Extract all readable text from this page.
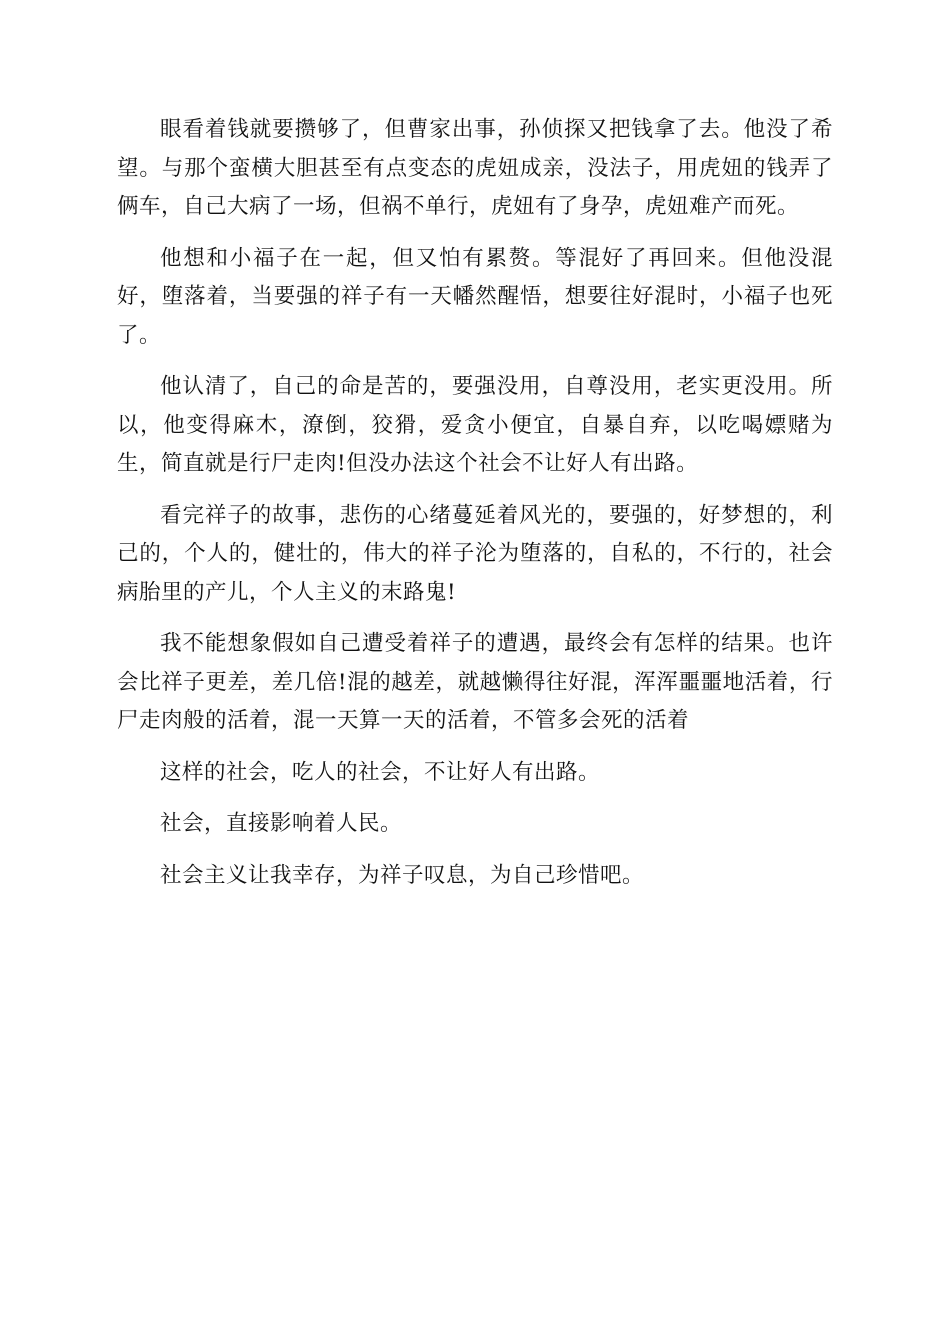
眼看着钱就要攒够了，但曹家出事，孙侦探又把钱拿了去。他没了希望。与那个蛮横大胆甚至有点变态的虎妞成亲，没法子，用虎妞的钱弄了俩车，自己大病了一场，但祸不单行，虎妞有了身孕，虎妞难产而死。

他想和小福子在一起，但又怕有累赘。等混好了再回来。但他没混好，堕落着，当要强的祥子有一天幡然醒悟，想要往好混时，小福子也死了。

他认清了，自己的命是苦的，要强没用，自尊没用，老实更没用。所以，他变得麻木，潦倒，狡猾，爱贪小便宜，自暴自弃，以吃喝嫖赌为生，简直就是行尸走肉!但没办法这个社会不让好人有出路。

看完祥子的故事，悲伤的心绪蔓延着风光的，要强的，好梦想的，利己的，个人的，健壮的，伟大的祥子沦为堕落的，自私的，不行的，社会病胎里的产儿，个人主义的末路鬼!

我不能想象假如自己遭受着祥子的遭遇，最终会有怎样的结果。也许会比祥子更差，差几倍!混的越差，就越懒得往好混，浑浑噩噩地活着，行尸走肉般的活着，混一天算一天的活着，不管多会死的活着

这样的社会，吃人的社会，不让好人有出路。

社会，直接影响着人民。

社会主义让我幸存，为祥子叹息，为自己珍惜吧。
